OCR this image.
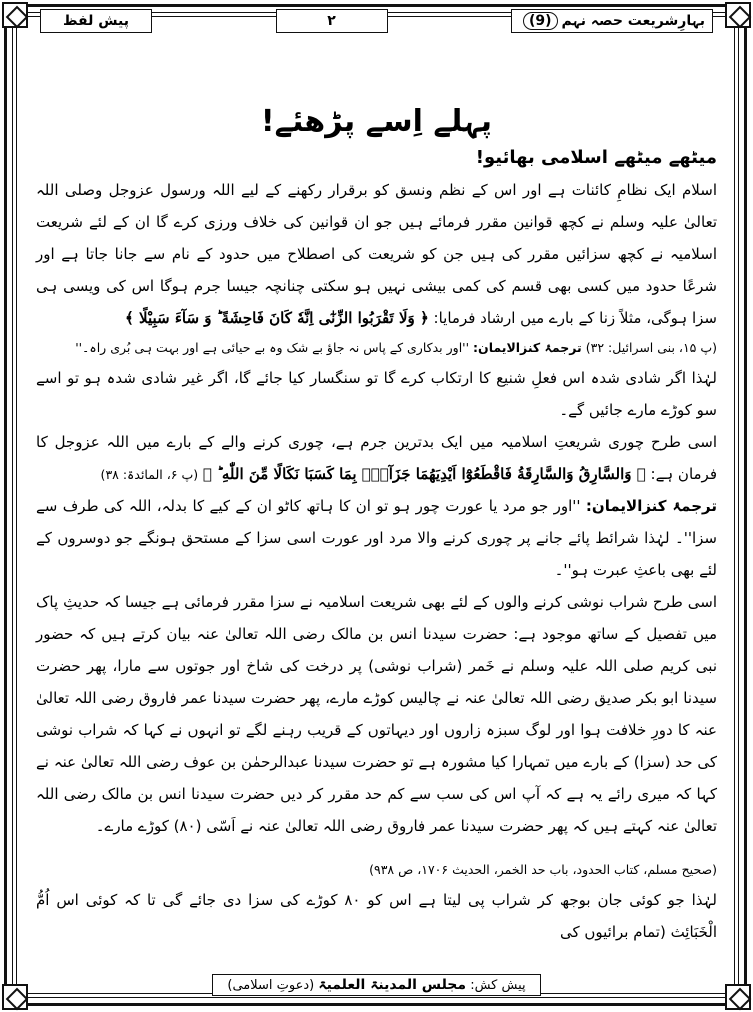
پیش لفظ	۲	بہارِشریعت حصہ نہم
(9)
پہلے اِسے پڑھئے!
میٹھے میٹھے اسلامی بھائیو!

اسلام ایک نظامِ کائنات ہے اور اس کے نظم ونسق کو برقرار رکھنے کے لیے اللہ ورسول عزوجل وصلی اللہ تعالیٰ علیہ وسلم نے کچھ قوانین مقرر فرمائے ہیں جو ان قوانین کی خلاف ورزی کرے گا ان کے لئے شریعت اسلامیہ نے کچھ سزائیں مقرر کی ہیں جن کو شریعت کی اصطلاح میں حدود کے نام سے جانا جاتا ہے اور شرعًا حدود میں کسی بھی قسم کی کمی بیشی نہیں ہو سکتی چنانچہ جیسا جرم ہوگا اس کی ویسی ہی سزا ہوگی، مثلاً زنا کے بارے میں ارشاد فرمایا: ﴿ وَلَا تَقْرَبُوا الزِّنٰٓى اِنَّهٗ كَانَ فَاحِشَةً ؕ وَ سَآءَ سَبِيْلًا ﴾

(پ ۱۵، بنی اسرائیل: ۳۲) ترجمۂ کنزالایمان: ''اور بدکاری کے پاس نہ جاؤ بے شک وہ بے حیائی ہے اور بہت ہی بُری راہ۔''

لہٰذا اگر شادی شدہ اس فعلِ شنیع کا ارتکاب کرے گا تو سنگسار کیا جائے گا، اگر غیر شادی شدہ ہو تو اسے سو کوڑے مارے جائیں گے۔

اسی طرح چوری شریعتِ اسلامیہ میں ایک بدترین جرم ہے، چوری کرنے والے کے بارے میں اللہ عزوجل کا فرمان ہے: ﴿ وَالسَّارِقُ وَالسَّارِقَةُ فَاقْطَعُوْٓا اَيْدِيَهُمَا جَزَآءًۢ بِمَا كَسَبَا نَكَالًا مِّنَ اللّٰهِ ؕ ﴾ (پ ۶، المائدۃ: ۳۸)

ترجمۂ کنزالایمان: ''اور جو مرد یا عورت چور ہو تو ان کا ہاتھ کاٹو ان کے کیے کا بدلہ، اللہ کی طرف سے سزا''۔ لہٰذا شرائط پائے جانے پر چوری کرنے والا مرد اور عورت اسی سزا کے مستحق ہونگے جو دوسروں کے لئے بھی باعثِ عبرت ہو''۔

اسی طرح شراب نوشی کرنے والوں کے لئے بھی شریعت اسلامیہ نے سزا مقرر فرمائی ہے جیسا کہ حدیثِ پاک میں تفصیل کے ساتھ موجود ہے: حضرت سیدنا انس بن مالک رضی اللہ تعالیٰ عنہ بیان کرتے ہیں کہ حضور نبی کریم صلی اللہ علیہ وسلم نے خَمر (شراب نوشی) پر درخت کی شاخ اور جوتوں سے مارا، پھر حضرت سیدنا ابو بکر صدیق رضی اللہ تعالیٰ عنہ نے چالیس کوڑے مارے، پھر حضرت سیدنا عمر فاروق رضی اللہ تعالیٰ عنہ کا دورِ خلافت ہوا اور لوگ سبزہ زاروں اور دیہاتوں کے قریب رہنے لگے تو انہوں نے کہا کہ شراب نوشی کی حد (سزا) کے بارے میں تمہارا کیا مشورہ ہے تو حضرت سیدنا عبدالرحمٰن بن عوف رضی اللہ تعالیٰ عنہ نے کہا کہ میری رائے یہ ہے کہ آپ اس کی سب سے کم حد مقرر کر دیں حضرت سیدنا انس بن مالک رضی اللہ تعالیٰ عنہ کہتے ہیں کہ پھر حضرت سیدنا عمر فاروق رضی اللہ تعالیٰ عنہ نے اَسّی (۸۰) کوڑے مارے۔

(صحیح مسلم، کتاب الحدود، باب حد الخمر، الحدیث ۱۷۰۶، ص ۹۳۸)

لہٰذا جو کوئی جان بوجھ کر شراب پی لیتا ہے اس کو ۸۰ کوڑے کی سزا دی جائے گی تا کہ کوئی اس اُمُّ الْخَبَائِث (تمام برائیوں کی

پیش کش: مجلس المدینۃ العلمیۃ (دعوتِ اسلامی)
